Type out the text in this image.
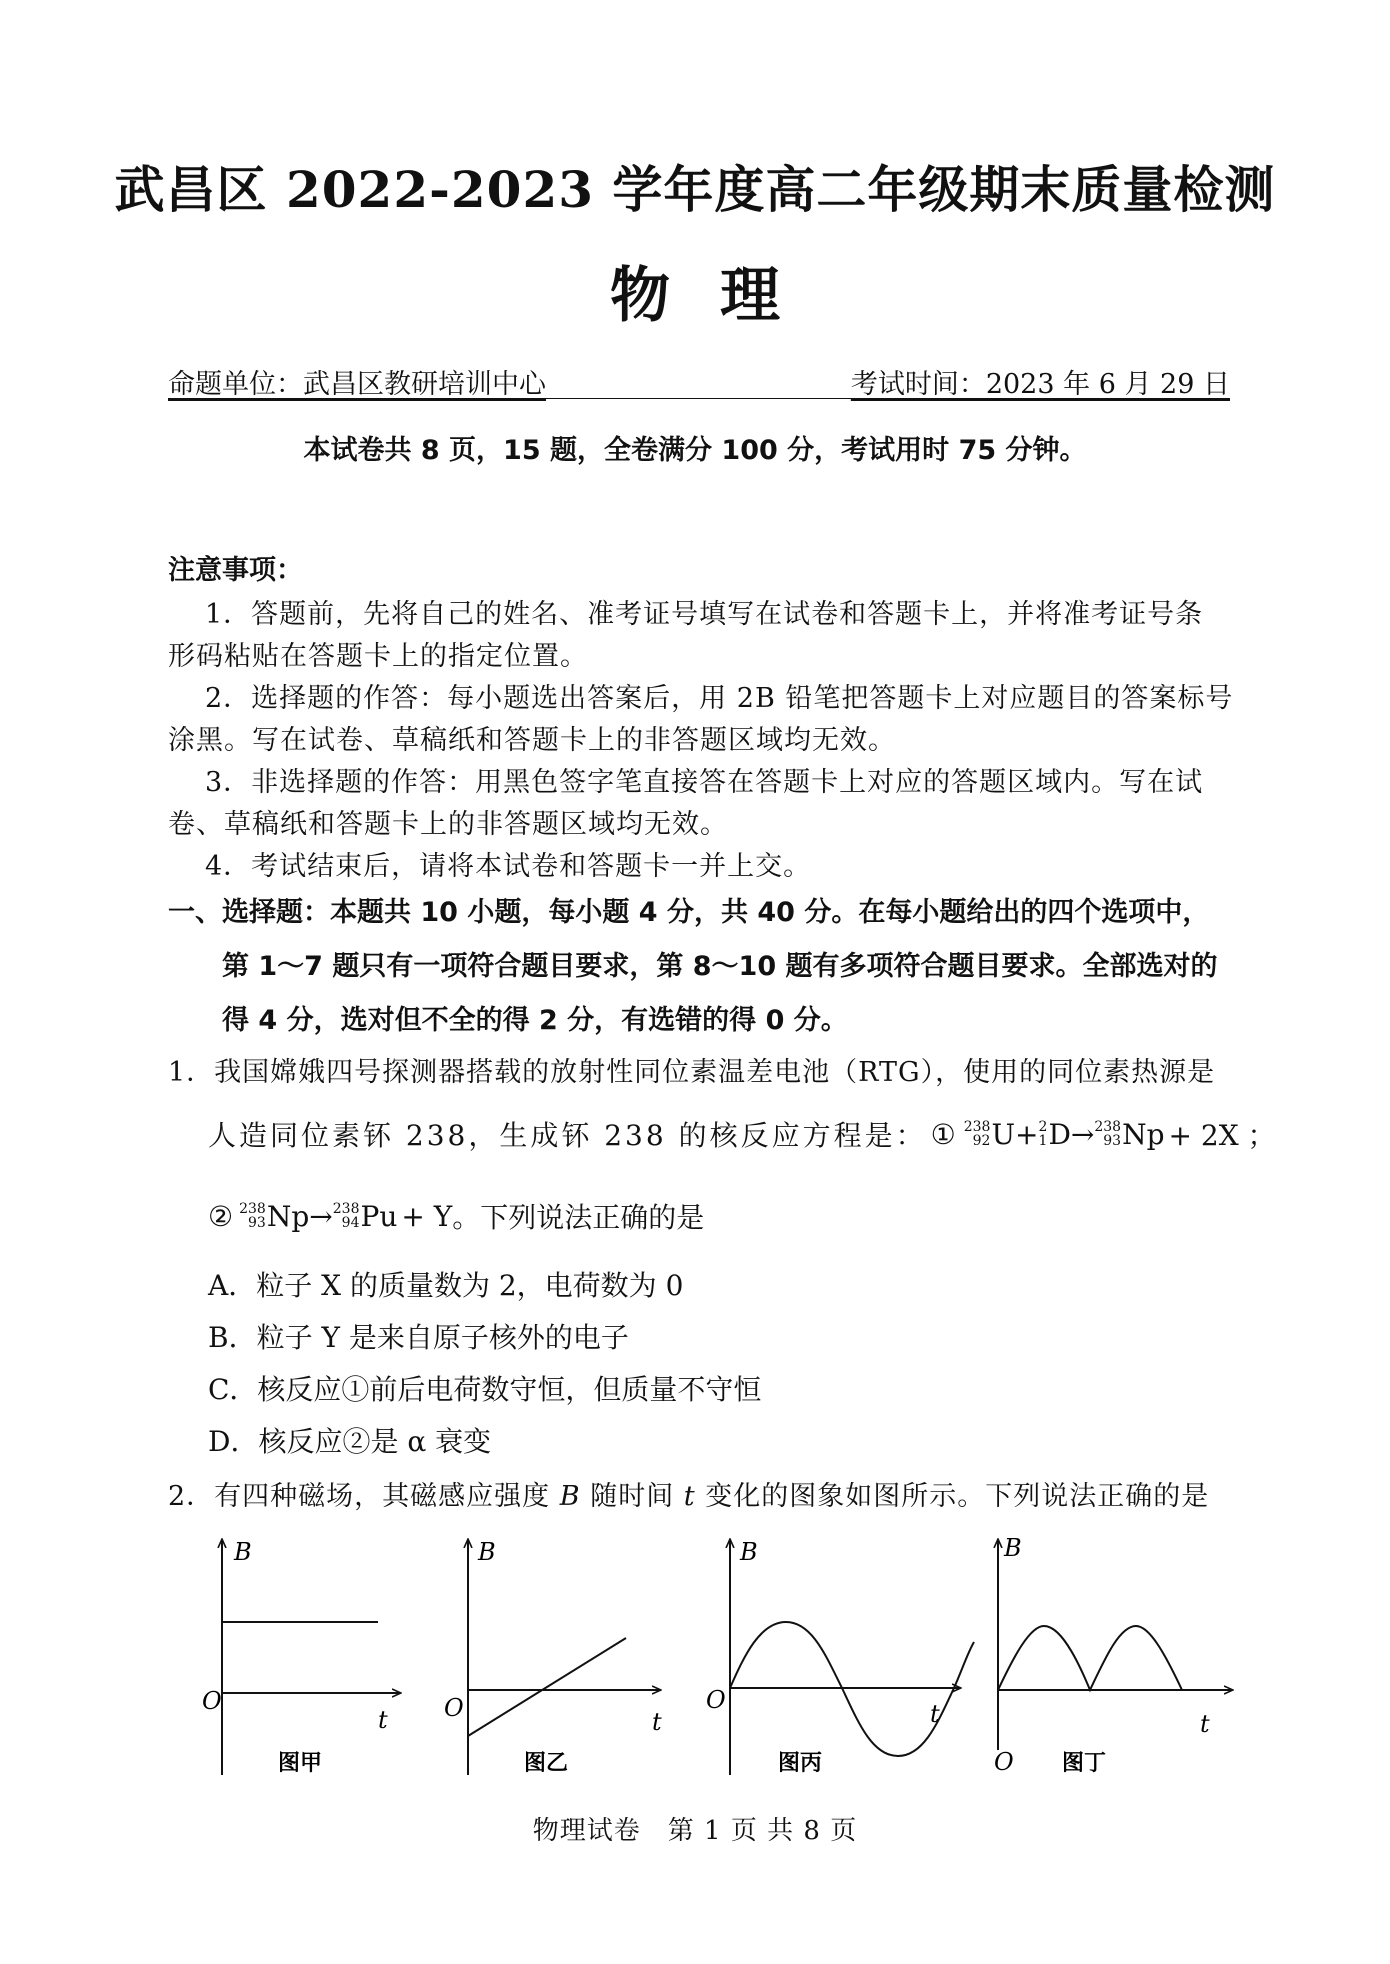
武昌区 2022-2023 学年度高二年级期末质量检测
物理
命题单位：武昌区教研培训中心	考试时间：2023 年 6 月 29 日
本试卷共 8 页，15 题，全卷满分 100 分，考试用时 75 分钟。
注意事项：
1．答题前，先将自己的姓名、准考证号填写在试卷和答题卡上，并将准考证号条
形码粘贴在答题卡上的指定位置。
2．选择题的作答：每小题选出答案后，用 2B 铅笔把答题卡上对应题目的答案标号
涂黑。写在试卷、草稿纸和答题卡上的非答题区域均无效。
3．非选择题的作答：用黑色签字笔直接答在答题卡上对应的答题区域内。写在试
卷、草稿纸和答题卡上的非答题区域均无效。
4．考试结束后，请将本试卷和答题卡一并上交。
一、选择题：本题共 10 小题，每小题 4 分，共 40 分。在每小题给出的四个选项中，
第 1～7 题只有一项符合题目要求，第 8～10 题有多项符合题目要求。全部选对的
得 4 分，选对但不全的得 2 分，有选错的得 0 分。
1．我国嫦娥四号探测器搭载的放射性同位素温差电池（RTG），使用的同位素热源是
人造同位素钚 238，生成钚 238 的核反应方程是： ① 238
92 U + 2
1 D → 238
93 Np + 2X ；
② 238
93 Np → 238
94 Pu + Y 。下列说法正确的是
A．粒子 X 的质量数为 2，电荷数为 0
B．粒子 Y 是来自原子核外的电子
C．核反应①前后电荷数守恒，但质量不守恒
D．核反应②是 α 衰变
2．有四种磁场，其磁感应强度 B 随时间 t 变化的图象如图所示。下列说法正确的是
B
O
t
图甲
B
O	t
图乙
B
O	t
图丙
B
O
t
图丁
物理试卷　第 1 页 共 8 页
